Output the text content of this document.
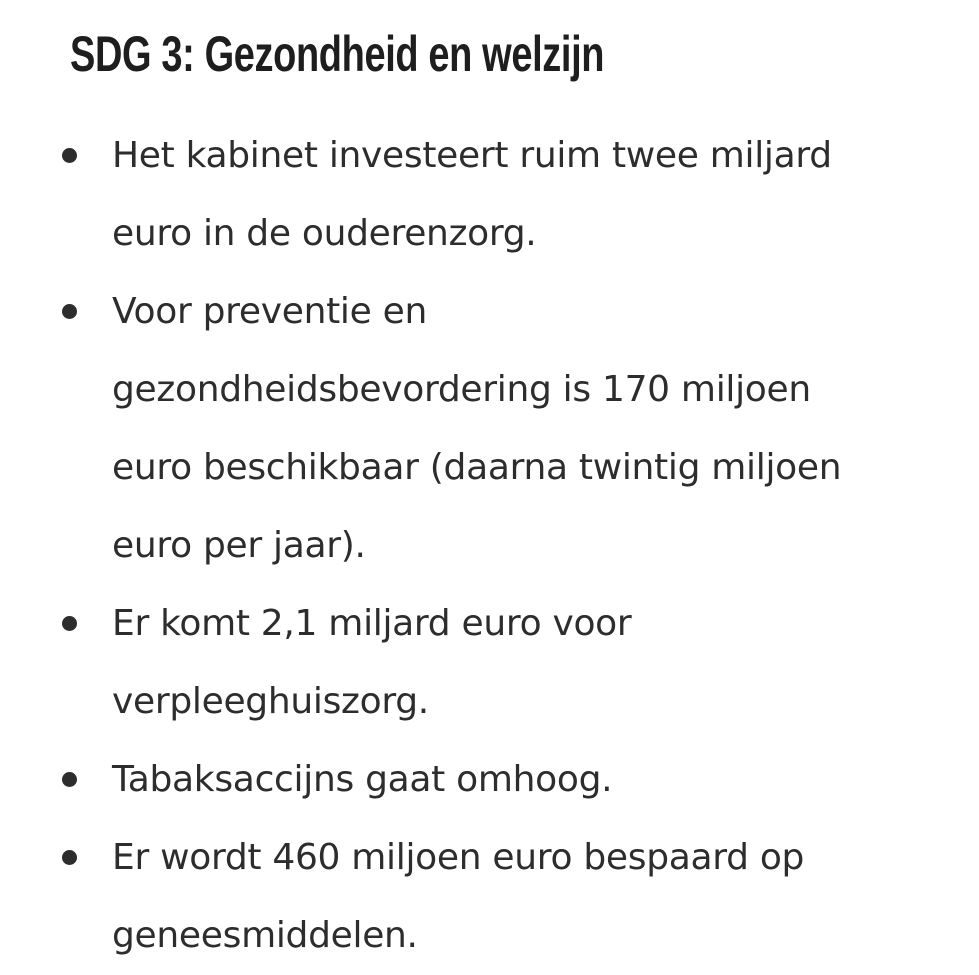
SDG 3: Gezondheid en welzijn
Het kabinet investeert ruim twee miljard
euro in de ouderenzorg.
Voor preventie en
gezondheidsbevordering is 170 miljoen
euro beschikbaar (daarna twintig miljoen
euro per jaar).
Er komt 2,1 miljard euro voor
verpleeghuiszorg.
Tabaksaccijns gaat omhoog.
Er wordt 460 miljoen euro bespaard op
geneesmiddelen.
